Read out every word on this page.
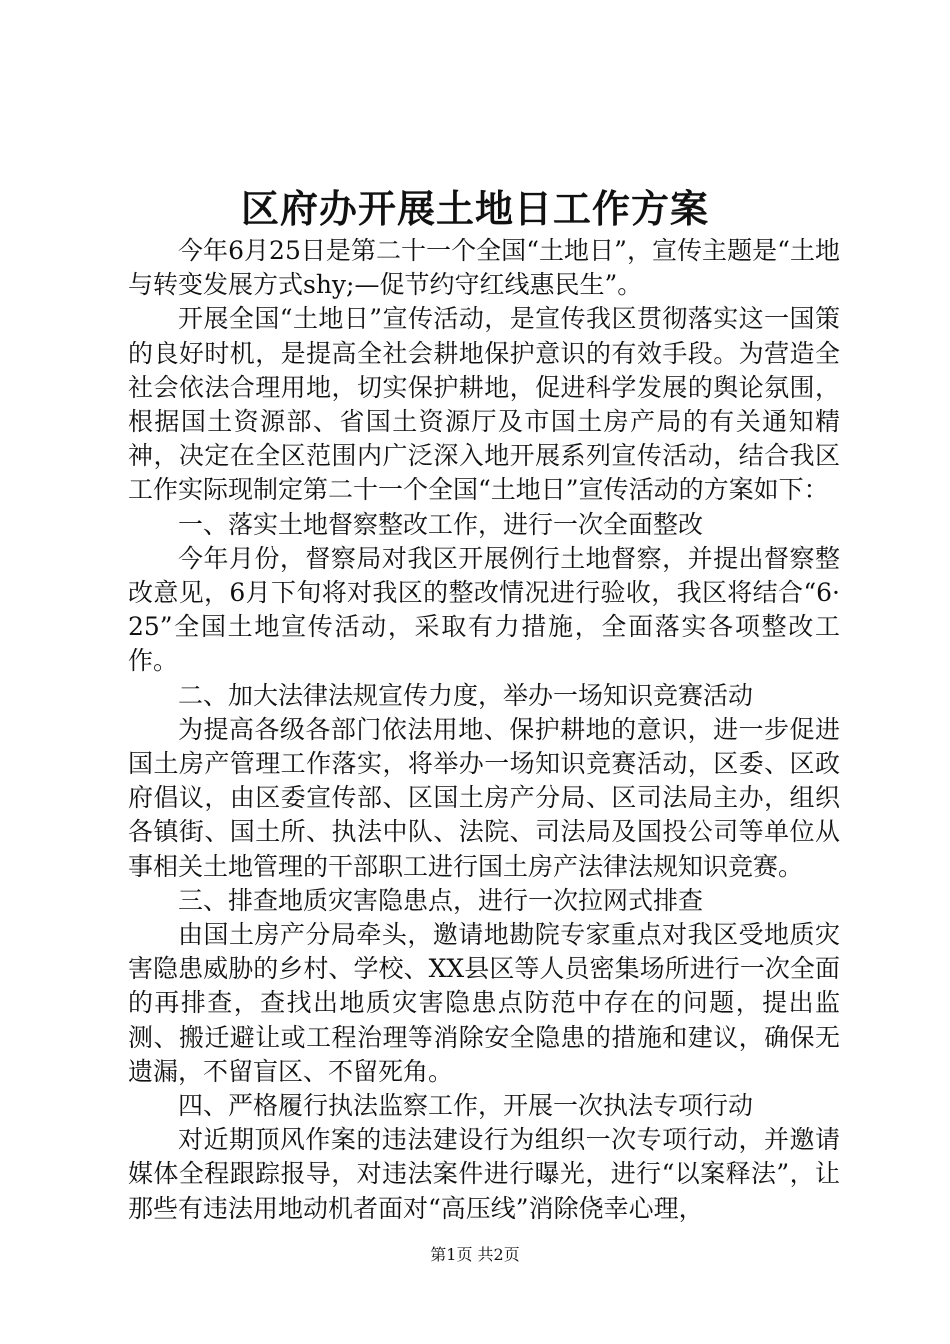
区府办开展土地日工作方案

今年6月25日是第二十一个全国“土地日”，宣传主题是“土地与转变发展方式shy;—促节约守红线惠民生”。

开展全国“土地日”宣传活动，是宣传我区贯彻落实这一国策的良好时机，是提高全社会耕地保护意识的有效手段。为营造全社会依法合理用地，切实保护耕地，促进科学发展的舆论氛围，根据国土资源部、省国土资源厅及市国土房产局的有关通知精神，决定在全区范围内广泛深入地开展系列宣传活动，结合我区工作实际现制定第二十一个全国“土地日”宣传活动的方案如下：

一、落实土地督察整改工作，进行一次全面整改

今年月份，督察局对我区开展例行土地督察，并提出督察整改意见，6月下旬将对我区的整改情况进行验收，我区将结合“6·25”全国土地宣传活动，采取有力措施，全面落实各项整改工作。

二、加大法律法规宣传力度，举办一场知识竞赛活动

为提高各级各部门依法用地、保护耕地的意识，进一步促进国土房产管理工作落实，将举办一场知识竞赛活动，区委、区政府倡议，由区委宣传部、区国土房产分局、区司法局主办，组织各镇街、国土所、执法中队、法院、司法局及国投公司等单位从事相关土地管理的干部职工进行国土房产法律法规知识竞赛。

三、排查地质灾害隐患点，进行一次拉网式排查

由国土房产分局牵头，邀请地勘院专家重点对我区受地质灾害隐患威胁的乡村、学校、XX县区等人员密集场所进行一次全面的再排查，查找出地质灾害隐患点防范中存在的问题，提出监测、搬迁避让或工程治理等消除安全隐患的措施和建议，确保无遗漏，不留盲区、不留死角。

四、严格履行执法监察工作，开展一次执法专项行动

对近期顶风作案的违法建设行为组织一次专项行动，并邀请媒体全程跟踪报导，对违法案件进行曝光，进行“以案释法”，让那些有违法用地动机者面对“高压线”消除侥幸心理，

第1页 共2页
